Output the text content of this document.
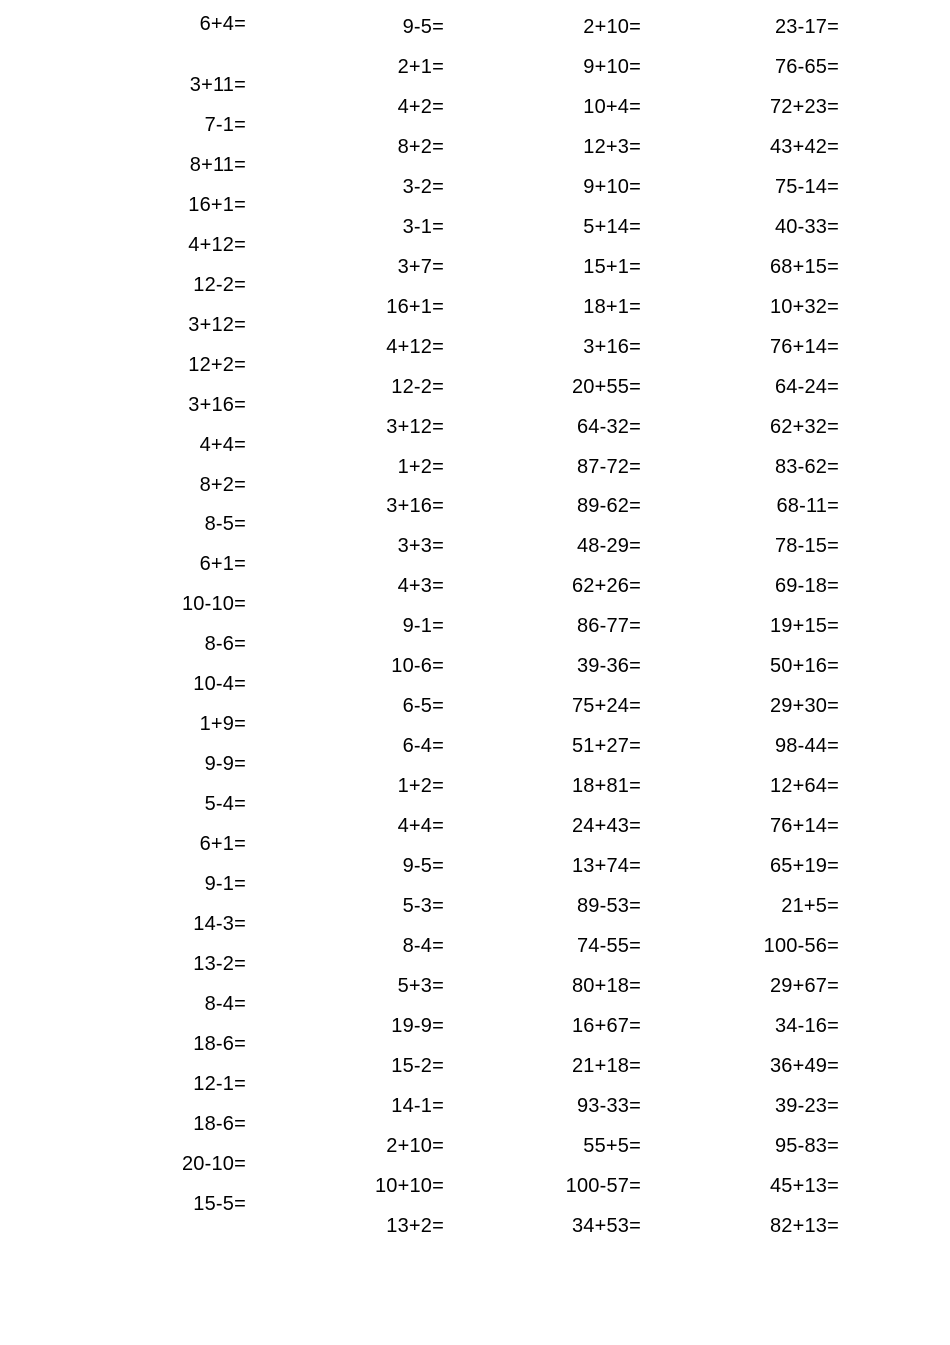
6+4=
3+11=
7-1=
8+11=
16+1=
4+12=
12-2=
3+12=
12+2=
3+16=
4+4=
8+2=
8-5=
6+1=
10-10=
8-6=
10-4=
1+9=
9-9=
5-4=
6+1=
9-1=
14-3=
13-2=
8-4=
18-6=
12-1=
18-6=
20-10=
15-5=
9-5=
2+1=
4+2=
8+2=
3-2=
3-1=
3+7=
16+1=
4+12=
12-2=
3+12=
1+2=
3+16=
3+3=
4+3=
9-1=
10-6=
6-5=
6-4=
1+2=
4+4=
9-5=
5-3=
8-4=
5+3=
19-9=
15-2=
14-1=
2+10=
10+10=
13+2=
2+10=
9+10=
10+4=
12+3=
9+10=
5+14=
15+1=
18+1=
3+16=
20+55=
64-32=
87-72=
89-62=
48-29=
62+26=
86-77=
39-36=
75+24=
51+27=
18+81=
24+43=
13+74=
89-53=
74-55=
80+18=
16+67=
21+18=
93-33=
55+5=
100-57=
34+53=
23-17=
76-65=
72+23=
43+42=
75-14=
40-33=
68+15=
10+32=
76+14=
64-24=
62+32=
83-62=
68-11=
78-15=
69-18=
19+15=
50+16=
29+30=
98-44=
12+64=
76+14=
65+19=
21+5=
100-56=
29+67=
34-16=
36+49=
39-23=
95-83=
45+13=
82+13=
